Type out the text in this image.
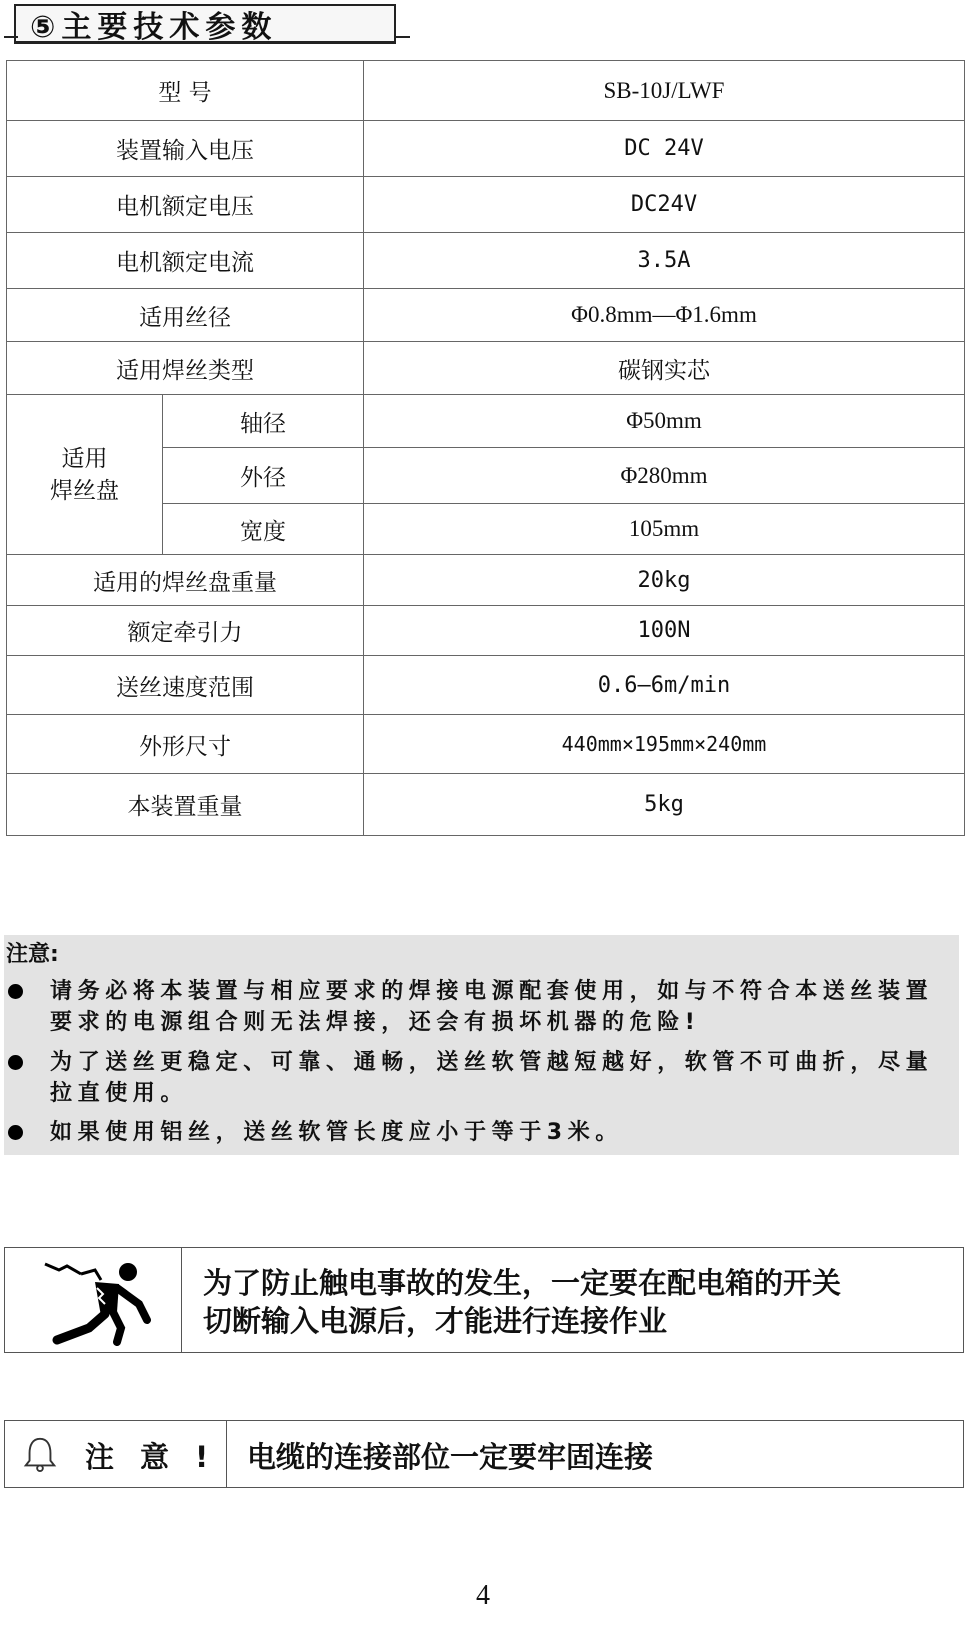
⑤主要技术参数
型 号		SB-10J/LWF
装置输入电压		DC 24V
电机额定电压		DC24V
电机额定电流		3.5A
适用丝径		Φ0.8mm—Φ1.6mm
适用焊丝类型		碳钢实芯
适用
焊丝盘	轴径	Φ50mm
	外径	Φ280mm
	宽度	105mm
适用的焊丝盘重量		20kg
额定牵引力		100N
送丝速度范围		0.6—6m/min
外形尺寸		440mm×195mm×240mm
本装置重量		5kg
注意:
请务必将本装置与相应要求的焊接电源配套使用，如与不符合本送丝装置要求的电源组合则无法焊接，还会有损坏机器的危险!
为了送丝更稳定、可靠、通畅，送丝软管越短越好，软管不可曲折，尽量拉直使用。
如果使用铝丝，送丝软管长度应小于等于3米。
为了防止触电事故的发生，一定要在配电箱的开关
切断输入电源后，才能进行连接作业
注意! 电缆的连接部位一定要牢固连接
4
